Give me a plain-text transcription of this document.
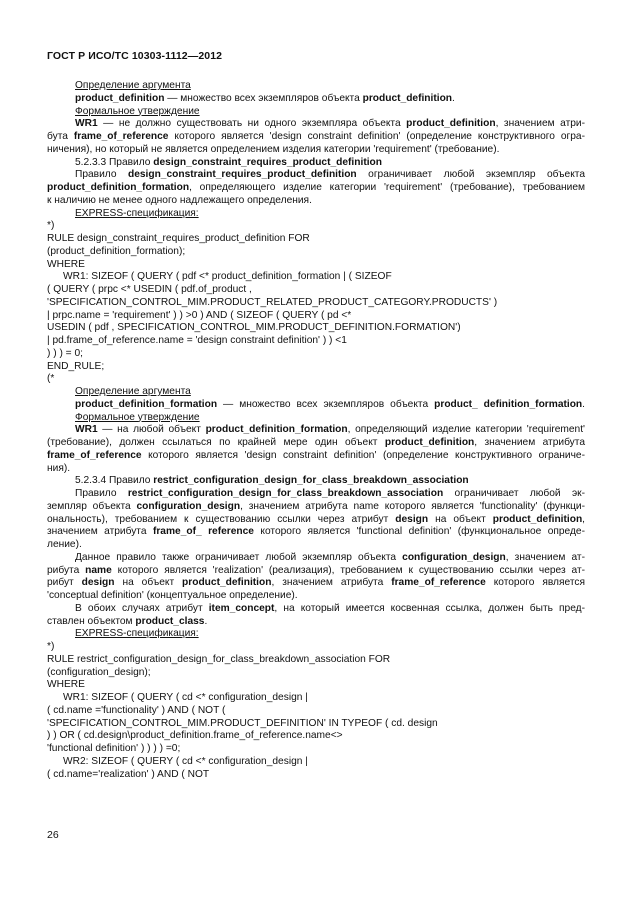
ГОСТ Р ИСО/ТС 10303-1112—2012
Определение аргумента
product_definition — множество всех экземпляров объекта product_definition.
Формальное утверждение
WR1 — не должно существовать ни одного экземпляра объекта product_definition, значением атри-
бута frame_of_reference которого является 'design constraint definition' (определение конструктивного огра-
ничения), но который не является определением изделия категории 'requirement' (требование).
5.2.3.3 Правило design_constraint_requires_product_definition
Правило design_constraint_requires_product_definition ограничивает любой экземпляр объекта
product_definition_formation, определяющего изделие категории 'requirement' (требование), требованием
к наличию не менее одного надлежащего определения.
EXPRESS-спецификация:
*)
RULE design_constraint_requires_product_definition FOR
(product_definition_formation);
WHERE
WR1: SIZEOF ( QUERY ( pdf <* product_definition_formation | ( SIZEOF
( QUERY ( prpc <* USEDIN ( pdf.of_product ,
'SPECIFICATION_CONTROL_MIM.PRODUCT_RELATED_PRODUCT_CATEGORY.PRODUCTS' )
| prpc.name = 'requirement' ) ) >0 ) AND ( SIZEOF ( QUERY ( pd <*
USEDIN ( pdf , SPECIFICATION_CONTROL_MIM.PRODUCT_DEFINITION.FORMATION')
| pd.frame_of_reference.name = 'design constraint definition' ) ) <1
) ) ) = 0;
END_RULE;
(*
Определение аргумента
product_definition_formation — множество всех экземпляров объекта product_ definition_formation.
Формальное утверждение
WR1 — на любой объект product_definition_formation, определяющий изделие категории 'requirement'
(требование), должен ссылаться по крайней мере один объект product_definition, значением атрибута
frame_of_reference которого является 'design constraint definition' (определение конструктивного ограниче-
ния).
5.2.3.4 Правило restrict_configuration_design_for_class_breakdown_association
Правило restrict_configuration_design_for_class_breakdown_association ограничивает любой эк-
земпляр объекта configuration_design, значением атрибута name которого является 'functionality' (функци-
ональность), требованием к существованию ссылки через атрибут design на объект product_definition,
значением атрибута frame_of_ reference которого является 'functional definition' (функциональное опреде-
ление).
Данное правило также ограничивает любой экземпляр объекта configuration_design, значением ат-
рибута name которого является 'realization' (реализация), требованием к существованию ссылки через ат-
рибут design на объект product_definition, значением атрибута frame_of_reference которого является
'conceptual definition' (концептуальное определение).
В обоих случаях атрибут item_concept, на который имеется косвенная ссылка, должен быть пред-
ставлен объектом product_class.
EXPRESS-спецификация:
*)
RULE restrict_configuration_design_for_class_breakdown_association FOR
(configuration_design);
WHERE
WR1: SIZEOF ( QUERY ( cd <* configuration_design |
( cd.name ='functionality' ) AND ( NOT (
'SPECIFICATION_CONTROL_MIM.PRODUCT_DEFINITION' IN TYPEOF ( cd. design
) ) OR ( cd.design\product_definition.frame_of_reference.name<>
'functional definition' ) ) ) ) =0;
WR2: SIZEOF ( QUERY ( cd <* configuration_design |
( cd.name='realization' ) AND ( NOT
26
